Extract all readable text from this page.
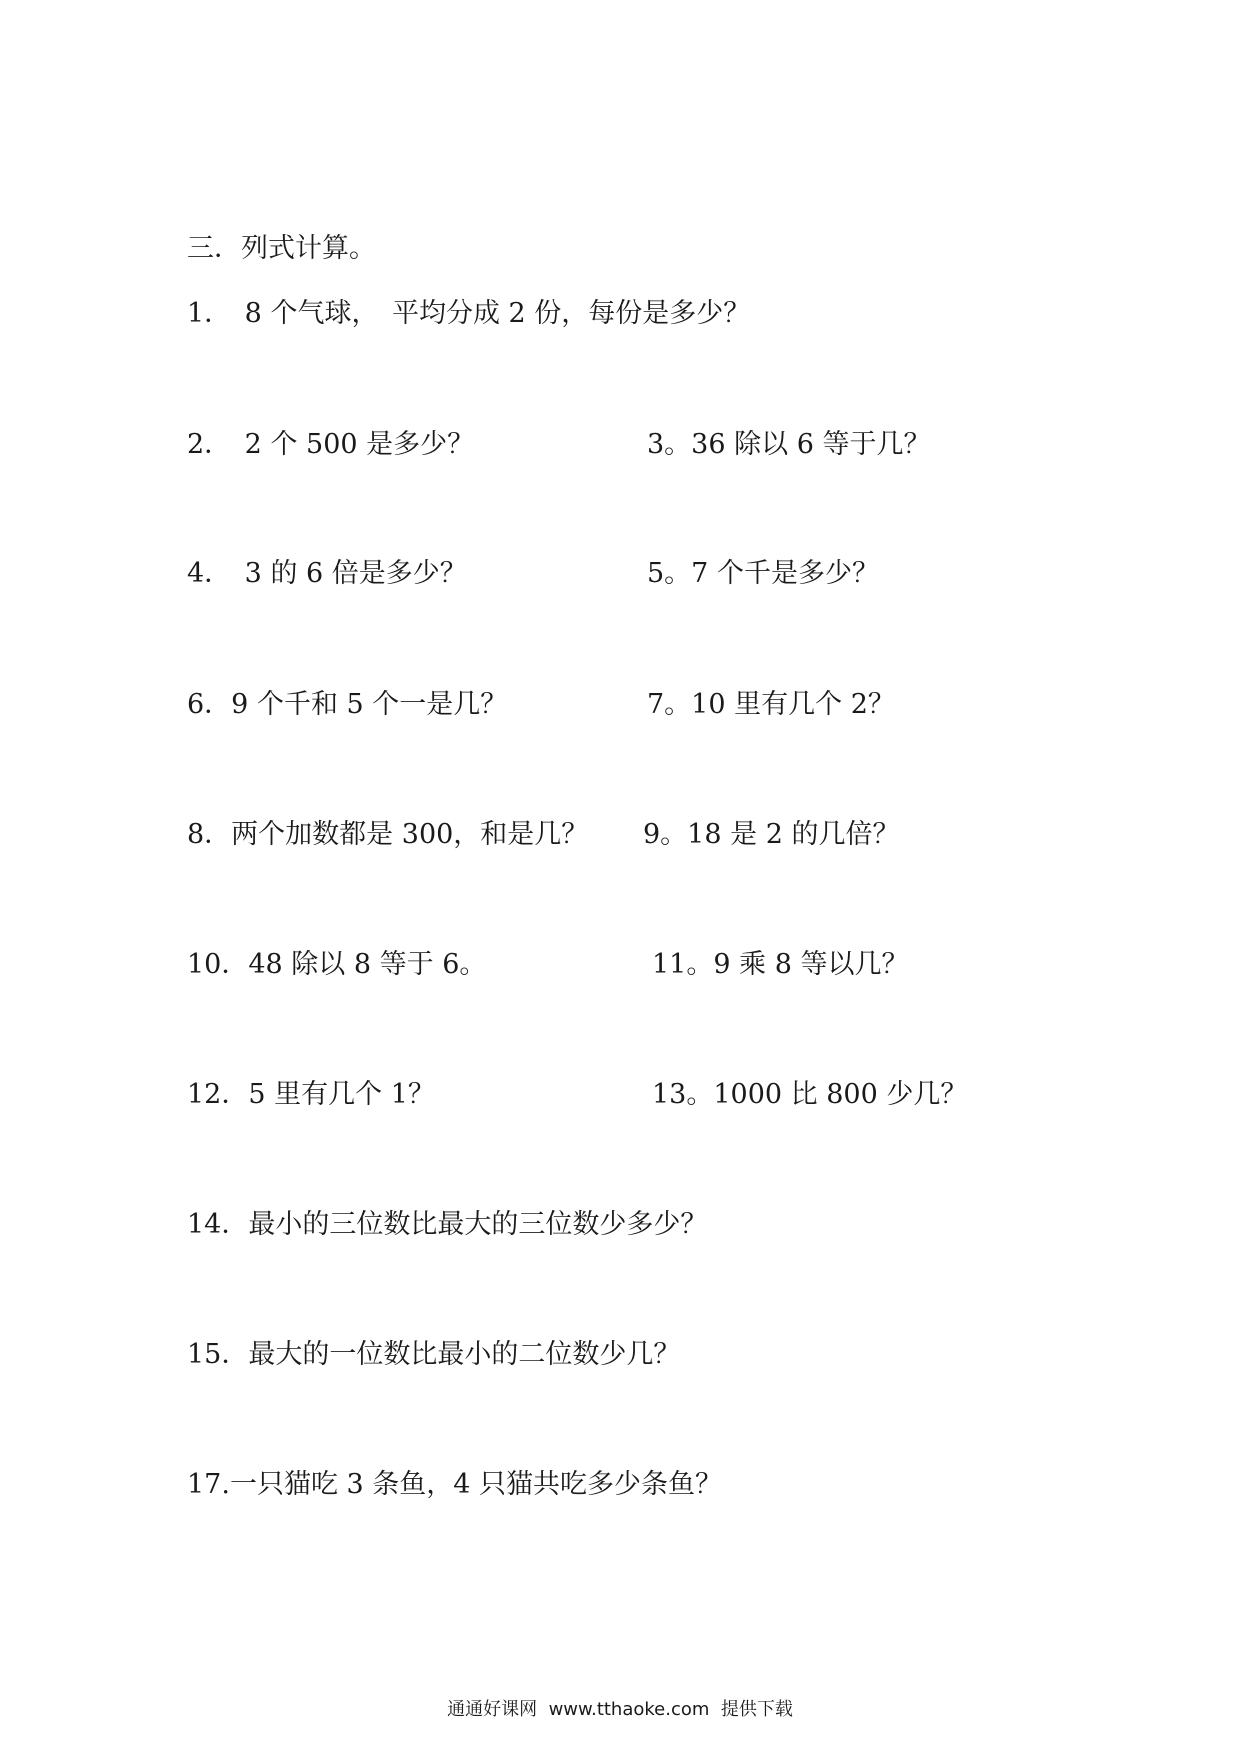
三．列式计算。
1．　8 个气球，　平均分成 2 份，每份是多少？
2．　2 个 500 是多少？	3。36 除以 6 等于几？
4．　3 的 6 倍是多少？	5。7 个千是多少？
6．9 个千和 5 个一是几？	7。10 里有几个 2？
8．两个加数都是 300，和是几？ 9。18 是 2 的几倍？
10．48 除以 8 等于 6。	11。9 乘 8 等以几？
12．5 里有几个 1？	13。1000 比 800 少几？
14．最小的三位数比最大的三位数少多少？
15．最大的一位数比最小的二位数少几？
17.一只猫吃 3 条鱼，4 只猫共吃多少条鱼？
通通好课网  www.tthaoke.com  提供下载
